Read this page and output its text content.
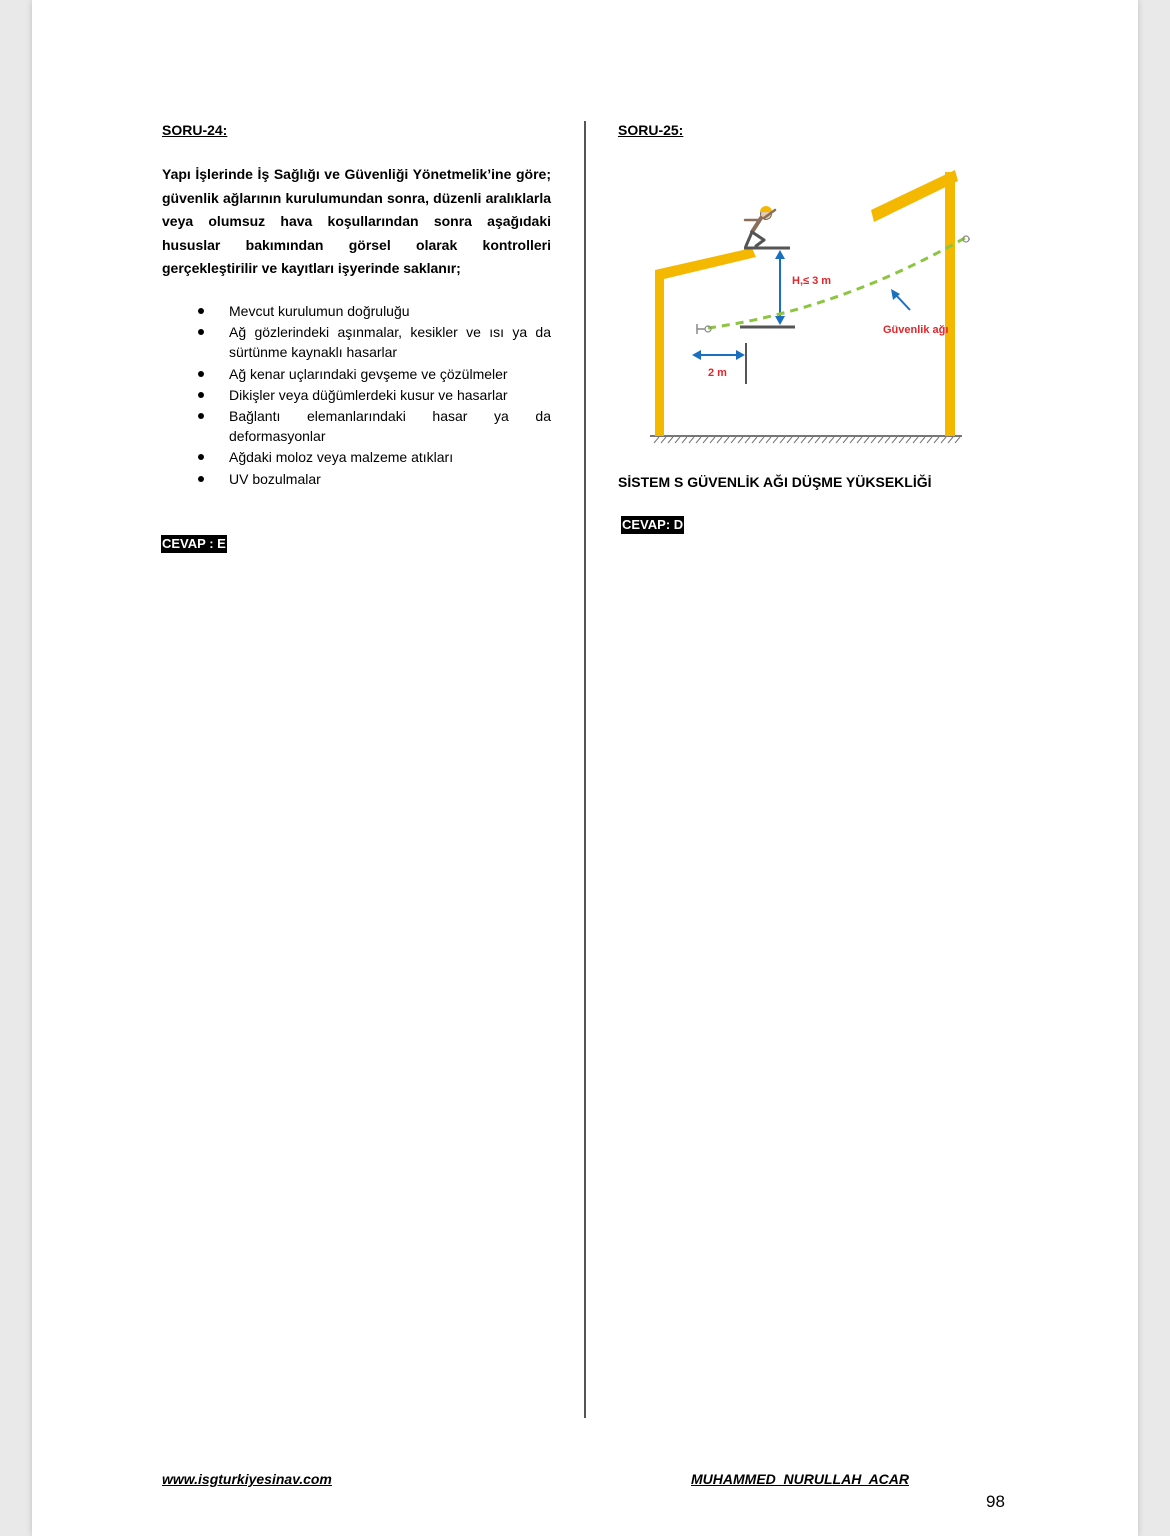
SORU-24:
Yapı İşlerinde İş Sağlığı ve Güvenliği Yönetmelik’ine göre; güvenlik ağlarının kurulumundan sonra, düzenli aralıklarla veya olumsuz hava koşullarından sonra aşağıdaki hususlar bakımından görsel olarak kontrolleri gerçekleştirilir ve kayıtları işyerinde saklanır;
Mevcut kurulumun doğruluğu
Ağ gözlerindeki aşınmalar, kesikler ve ısı ya da sürtünme kaynaklı hasarlar
Ağ kenar uçlarındaki gevşeme ve çözülmeler
Dikişler veya düğümlerdeki kusur ve hasarlar
Bağlantı elemanlarındaki hasar ya da deformasyonlar
Ağdaki moloz veya malzeme atıkları
UV bozulmalar
CEVAP : E
SORU-25:
H,≤ 3 m
Güvenlik ağı
2 m
SİSTEM S GÜVENLİK AĞI DÜŞME YÜKSEKLİĞİ
CEVAP: D
www.isgturkiyesinav.com	MUHAMMED  NURULLAH  ACAR
98
